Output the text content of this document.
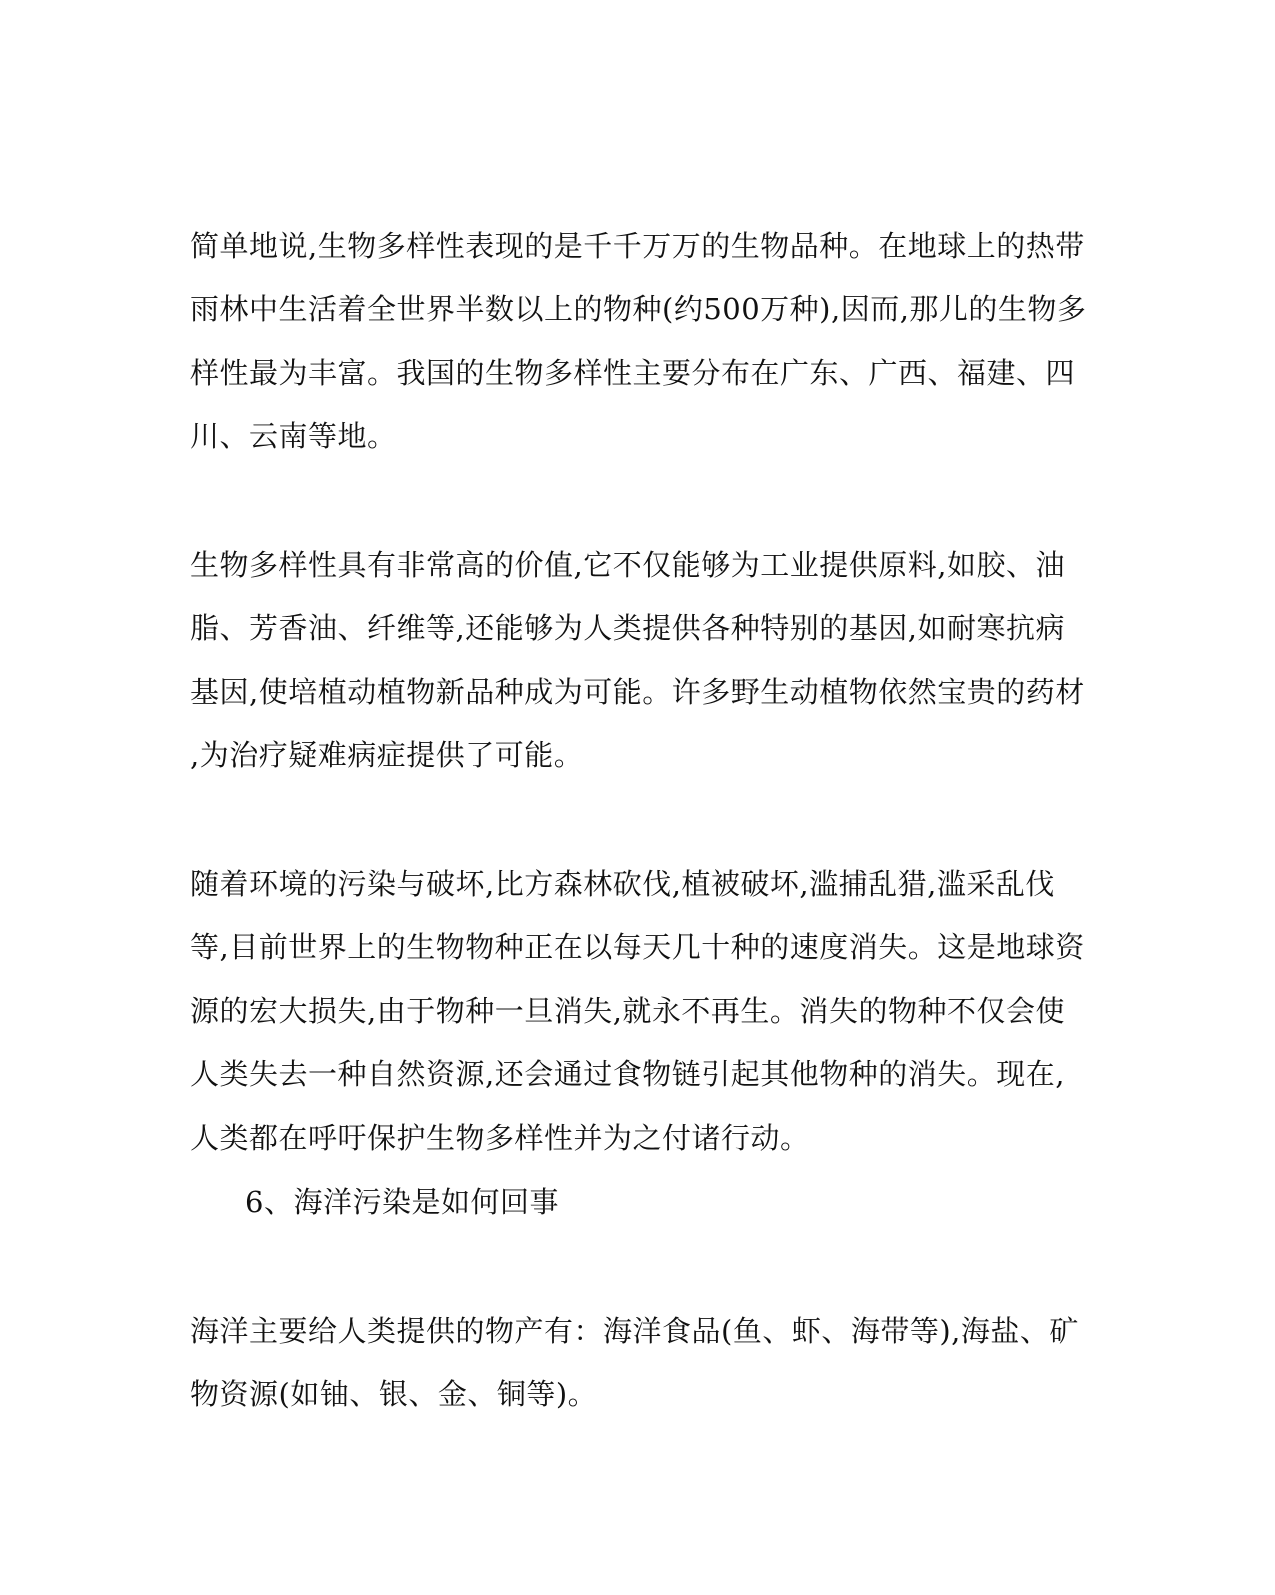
简单地说,生物多样性表现的是千千万万的生物品种。在地球上的热带
雨林中生活着全世界半数以上的物种(约500万种),因而,那儿的生物多
样性最为丰富。我国的生物多样性主要分布在广东、广西、福建、四
川、云南等地。
生物多样性具有非常高的价值,它不仅能够为工业提供原料,如胶、油
脂、芳香油、纤维等,还能够为人类提供各种特别的基因,如耐寒抗病
基因,使培植动植物新品种成为可能。许多野生动植物依然宝贵的药材
,为治疗疑难病症提供了可能。
随着环境的污染与破坏,比方森林砍伐,植被破坏,滥捕乱猎,滥采乱伐
等,目前世界上的生物物种正在以每天几十种的速度消失。这是地球资
源的宏大损失,由于物种一旦消失,就永不再生。消失的物种不仅会使
人类失去一种自然资源,还会通过食物链引起其他物种的消失。现在,
人类都在呼吁保护生物多样性并为之付诸行动。
6、海洋污染是如何回事
海洋主要给人类提供的物产有：海洋食品(鱼、虾、海带等),海盐、矿
物资源(如铀、银、金、铜等)。
